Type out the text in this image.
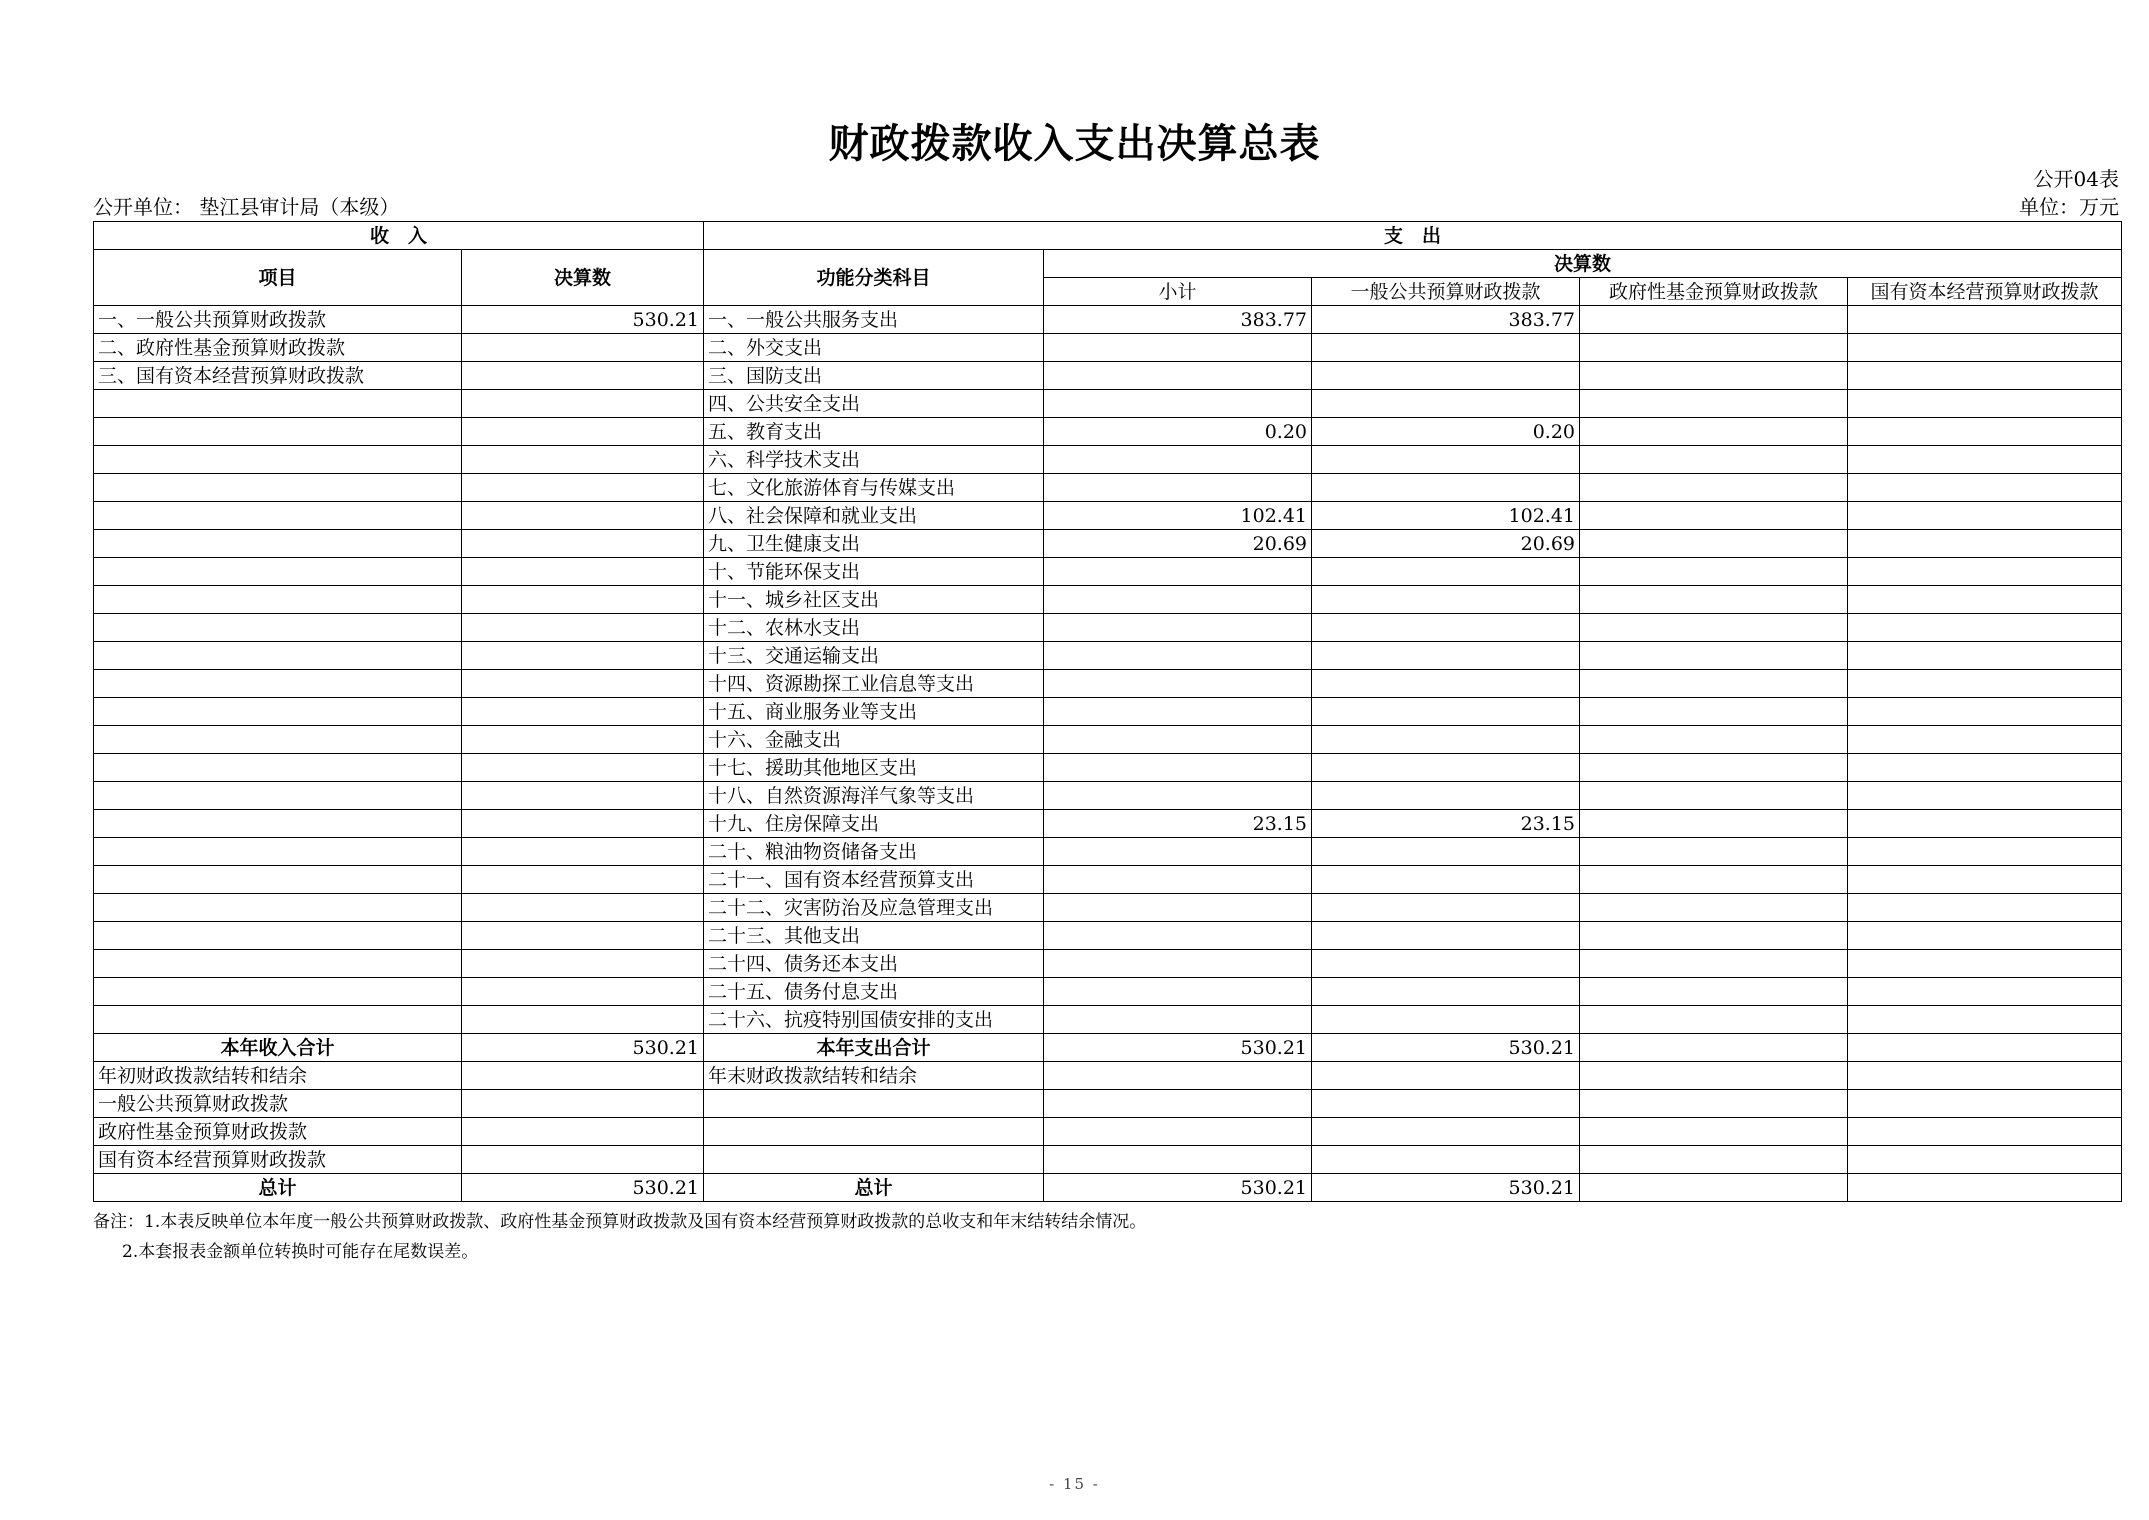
财政拨款收入支出决算总表
公开04表
公开单位： 垫江县审计局（本级）	单位：万元
收　入		支　出				
项目	决算数	功能分类科目	决算数			
			小计	一般公共预算财政拨款	政府性基金预算财政拨款	国有资本经营预算财政拨款
一、一般公共预算财政拨款	530.21	一、一般公共服务支出	383.77	383.77		
二、政府性基金预算财政拨款		二、外交支出				
三、国有资本经营预算财政拨款		三、国防支出				
		四、公共安全支出				
		五、教育支出	0.20	0.20		
		六、科学技术支出				
		七、文化旅游体育与传媒支出				
		八、社会保障和就业支出	102.41	102.41		
		九、卫生健康支出	20.69	20.69		
		十、节能环保支出				
		十一、城乡社区支出				
		十二、农林水支出				
		十三、交通运输支出				
		十四、资源勘探工业信息等支出				
		十五、商业服务业等支出				
		十六、金融支出				
		十七、援助其他地区支出				
		十八、自然资源海洋气象等支出				
		十九、住房保障支出	23.15	23.15		
		二十、粮油物资储备支出				
		二十一、国有资本经营预算支出				
		二十二、灾害防治及应急管理支出				
		二十三、其他支出				
		二十四、债务还本支出				
		二十五、债务付息支出				
		二十六、抗疫特别国债安排的支出				
本年收入合计	530.21	本年支出合计	530.21	530.21		
年初财政拨款结转和结余		年末财政拨款结转和结余				
一般公共预算财政拨款						
政府性基金预算财政拨款						
国有资本经营预算财政拨款						
总计	530.21	总计	530.21	530.21		
备注：1.本表反映单位本年度一般公共预算财政拨款、政府性基金预算财政拨款及国有资本经营预算财政拨款的总收支和年末结转结余情况。
2.本套报表金额单位转换时可能存在尾数误差。
- 15 -
